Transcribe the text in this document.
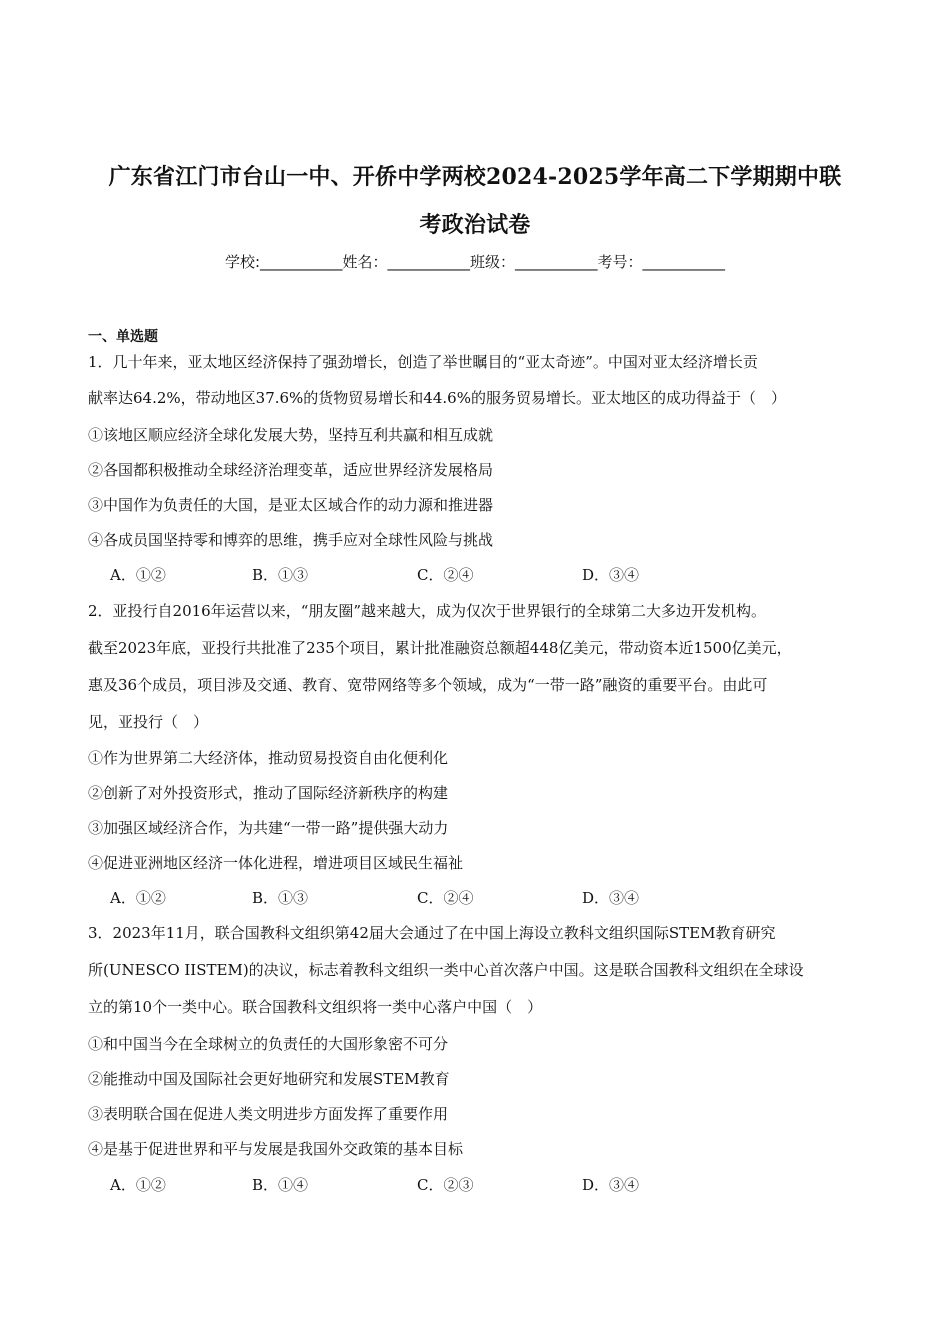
广东省江门市台山一中、开侨中学两校2024-2025学年高二下学期期中联
考政治试卷
学校:___________姓名：___________班级：___________考号：___________
一、单选题
1．几十年来，亚太地区经济保持了强劲增长，创造了举世瞩目的“亚太奇迹”。中国对亚太经济增长贡
献率达64.2%，带动地区37.6%的货物贸易增长和44.6%的服务贸易增长。亚太地区的成功得益于（　）
①该地区顺应经济全球化发展大势，坚持互利共赢和相互成就
②各国都积极推动全球经济治理变革，适应世界经济发展格局
③中国作为负责任的大国，是亚太区域合作的动力源和推进器
④各成员国坚持零和博弈的思维，携手应对全球性风险与挑战
A．①②	B．①③	C．②④	D．③④
2．亚投行自2016年运营以来，“朋友圈”越来越大，成为仅次于世界银行的全球第二大多边开发机构。
截至2023年底，亚投行共批准了235个项目，累计批准融资总额超448亿美元，带动资本近1500亿美元，
惠及36个成员，项目涉及交通、教育、宽带网络等多个领域，成为“一带一路”融资的重要平台。由此可
见，亚投行（　）
①作为世界第二大经济体，推动贸易投资自由化便利化
②创新了对外投资形式，推动了国际经济新秩序的构建
③加强区域经济合作，为共建“一带一路”提供强大动力
④促进亚洲地区经济一体化进程，增进项目区域民生福祉
A．①②	B．①③	C．②④	D．③④
3．2023年11月，联合国教科文组织第42届大会通过了在中国上海设立教科文组织国际STEM教育研究
所(UNESCO IISTEM)的决议，标志着教科文组织一类中心首次落户中国。这是联合国教科文组织在全球设
立的第10个一类中心。联合国教科文组织将一类中心落户中国（　）
①和中国当今在全球树立的负责任的大国形象密不可分
②能推动中国及国际社会更好地研究和发展STEM教育
③表明联合国在促进人类文明进步方面发挥了重要作用
④是基于促进世界和平与发展是我国外交政策的基本目标
A．①②	B．①④	C．②③	D．③④
